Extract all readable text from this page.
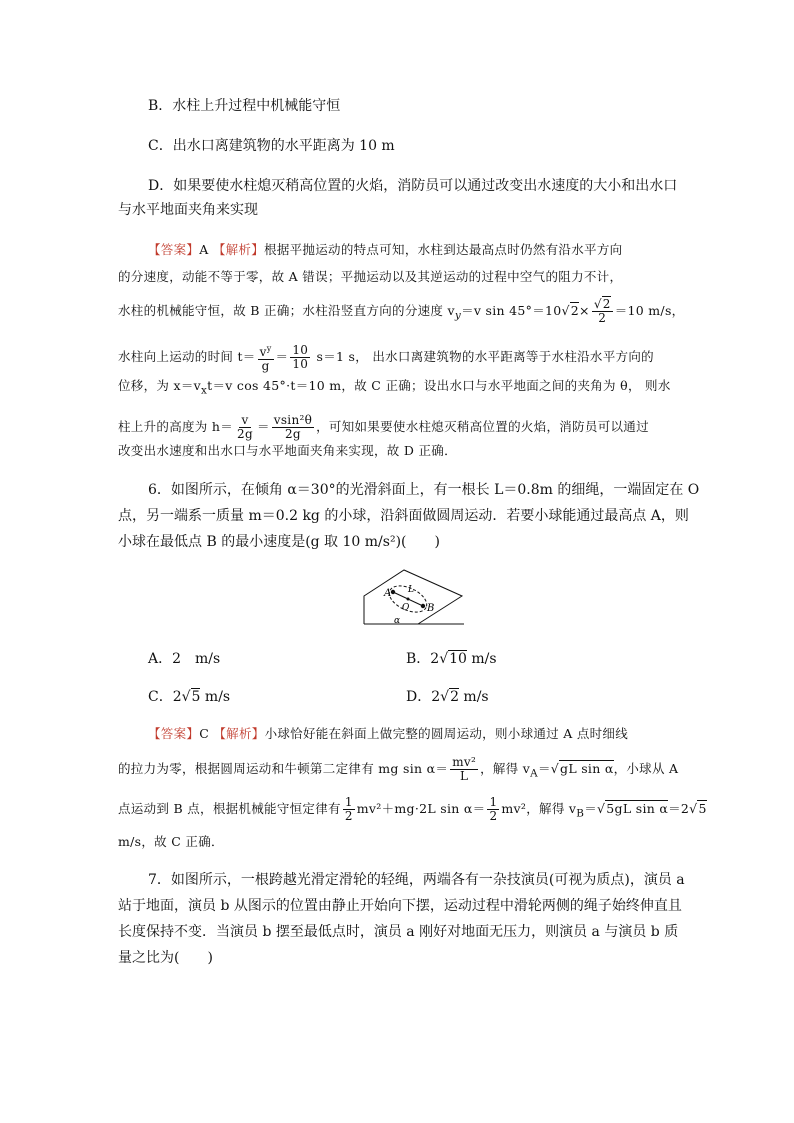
B．水柱上升过程中机械能守恒
C．出水口离建筑物的水平距离为 10 m
D．如果要使水柱熄灭稍高位置的火焰，消防员可以通过改变出水速度的大小和出水口
与水平地面夹角来实现
【答案】A 【解析】根据平抛运动的特点可知，水柱到达最高点时仍然有沿水平方向
的分速度，动能不等于零，故 A 错误；平抛运动以及其逆运动的过程中空气的阻力不计，
水柱的机械能守恒，故 B 正确；水柱沿竖直方向的分速度 $v_y=v$ $\sin 45^\circ=10√2\times \frac{√2}{2} =10$ m/s，
水柱向上运动的时间 $t= \frac{v^y}{g} = \frac{10}{10} s=1$ s， 出水口离建筑物的水平距离等于水柱沿水平方向的
位移，为 $x=v_xt=v$ cos 45°·t＝10 m，故 C 正确；设出水口与水平地面之间的夹角为 θ， 则水
柱上升的高度为 $h= \frac{v}{2g} = \frac{\text{vsin²θ}}{2g}$ ，可知如果要使水柱熄灭稍高位置的火焰，消防员可以通过
改变出水速度和出水口与水平地面夹角来实现，故 D 正确．
6．如图所示，在倾角 α＝30°的光滑斜面上，有一根长 L＝0.8m 的细绳，一端固定在 O
点，另一端系一质量 m＝0.2 kg 的小球，沿斜面做圆周运动．若要小球能通过最高点 A，则
小球在最低点 B 的最小速度是(g 取 10 m/s²)(　　)
A
B
O
L
α
A．2　m/s	B．2√10 m/s
C．2√5 m/s	D．2√2 m/s
【答案】C 【解析】小球恰好能在斜面上做完整的圆周运动，则小球通过 A 点时细线
的拉力为零，根据圆周运动和牛顿第二定律有 mg $\sin \alpha= \frac{\text{mv²}}{L}$ ，解得 $v_A=√gL$ sin α，小球从 A
点运动到 B 点，根据机械能守恒定律有 $\frac{1}{2} mv^2+mg\cdot 2L$ $\sin \alpha= \frac{1}{2} mv^2$，解得 $v_B=√5gL$ sin α＝2√5
m/s，故 C 正确．
7．如图所示，一根跨越光滑定滑轮的轻绳，两端各有一杂技演员(可视为质点)，演员 a
站于地面，演员 b 从图示的位置由静止开始向下摆，运动过程中滑轮两侧的绳子始终伸直且
长度保持不变．当演员 b 摆至最低点时，演员 a 刚好对地面无压力，则演员 a 与演员 b 质
量之比为(　　)
